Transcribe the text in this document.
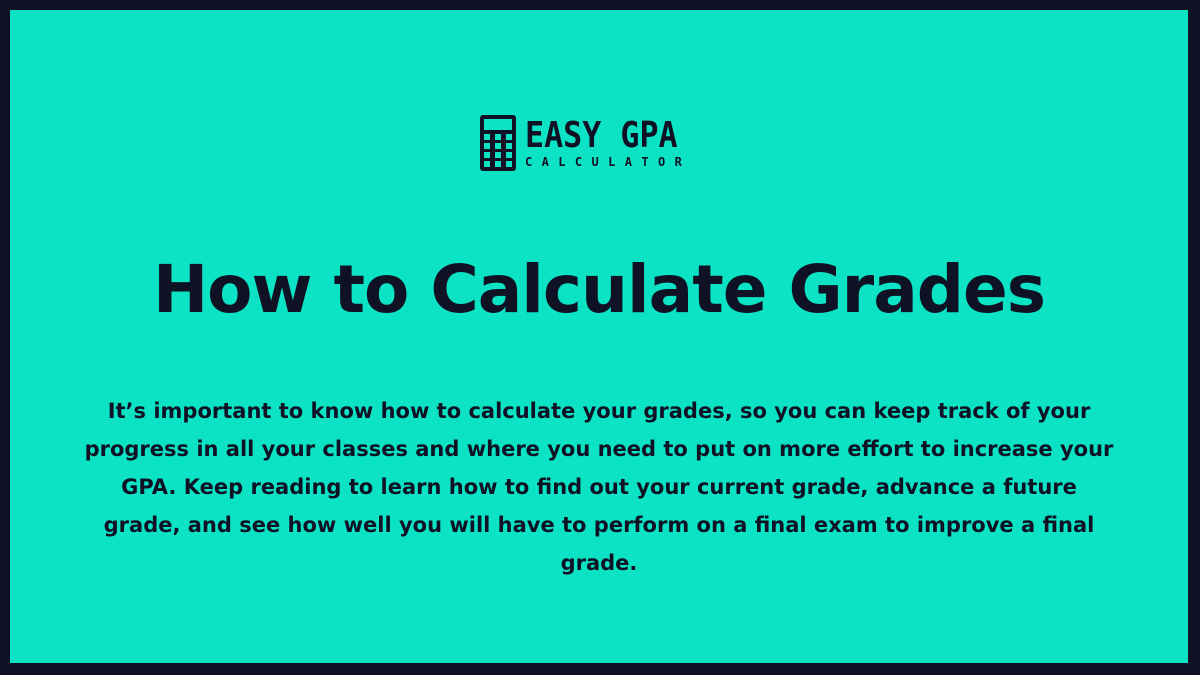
EASY GPA
CALCULATOR
How to Calculate Grades

It’s important to know how to calculate your grades, so you can keep track of your progress in all your classes and where you need to put on more effort to increase your GPA. Keep reading to learn how to find out your current grade, advance a future grade, and see how well you will have to perform on a final exam to improve a final grade.
